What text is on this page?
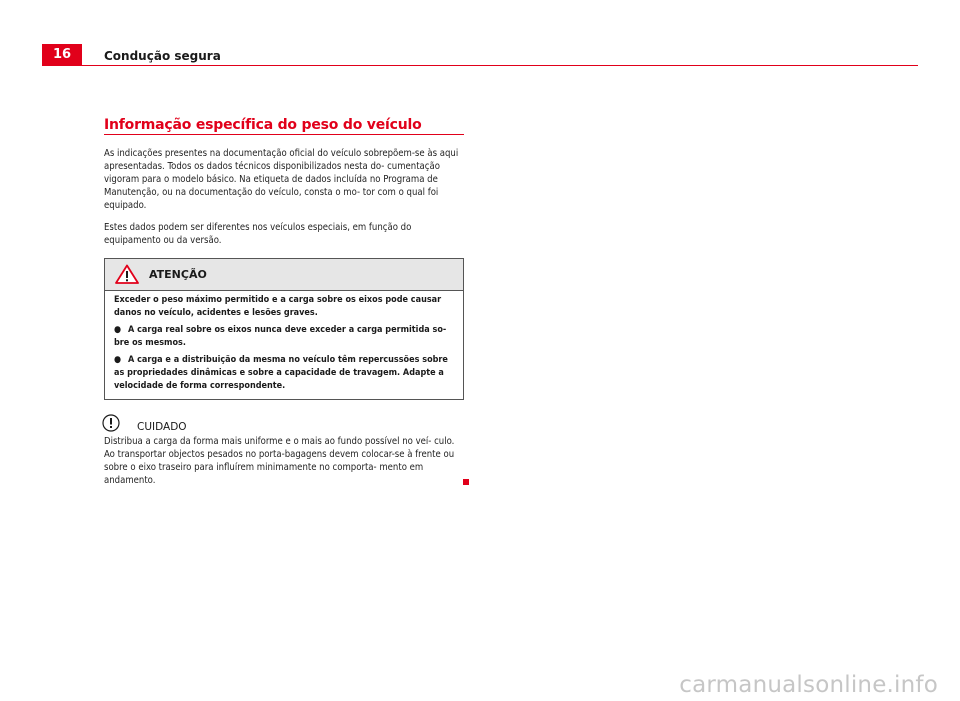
16	Condução segura
Informação específica do peso do veículo

As indicações presentes na documentação oficial do veículo sobrepõem-se às aqui apresentadas. Todos os dados técnicos disponibilizados nesta do- cumentação vigoram para o modelo básico. Na etiqueta de dados incluída no Programa de Manutenção, ou na documentação do veículo, consta o mo- tor com o qual foi equipado.

Estes dados podem ser diferentes nos veículos especiais, em função do equipamento ou da versão.

ATENÇÃO

Exceder o peso máximo permitido e a carga sobre os eixos pode causar danos no veículo, acidentes e lesões graves.

● A carga real sobre os eixos nunca deve exceder a carga permitida so- bre os mesmos.

● A carga e a distribuição da mesma no veículo têm repercussões sobre as propriedades dinâmicas e sobre a capacidade de travagem. Adapte a velocidade de forma correspondente.

CUIDADO
Distribua a carga da forma mais uniforme e o mais ao fundo possível no veí- culo. Ao transportar objectos pesados no porta-bagagens devem colocar-se à frente ou sobre o eixo traseiro para influírem minimamente no comporta- mento em andamento.
carmanualsonline.info
